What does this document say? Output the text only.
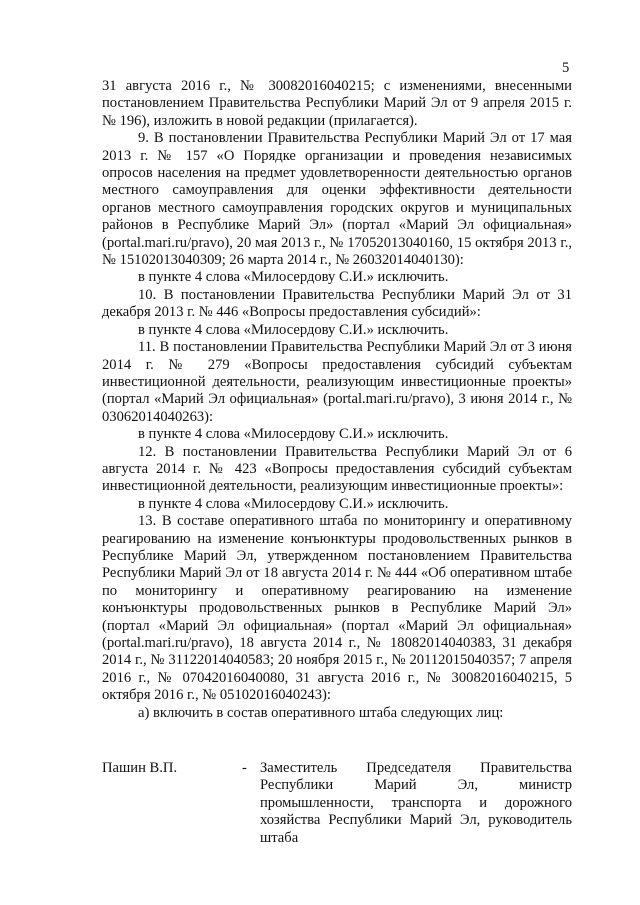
5

31 августа 2016 г., № 30082016040215; с изменениями, внесенными постановлением Правительства Республики Марий Эл от 9 апреля 2015 г. № 196), изложить в новой редакции (прилагается).

9. В постановлении Правительства Республики Марий Эл от 17 мая 2013 г. № 157 «О Порядке организации и проведения независимых опросов населения на предмет удовлетворенности деятельностью органов местного самоуправления для оценки эффективности деятельности органов местного самоуправления городских округов и муниципальных районов в Республике Марий Эл» (портал «Марий Эл официальная» (portal.mari.ru/pravo), 20 мая 2013 г., № 17052013040160, 15 октября 2013 г., № 15102013040309; 26 марта 2014 г., № 26032014040130):

в пункте 4 слова «Милосердову С.И.» исключить.

10. В постановлении Правительства Республики Марий Эл от 31 декабря 2013 г. № 446 «Вопросы предоставления субсидий»:

в пункте 4 слова «Милосердову С.И.» исключить.

11. В постановлении Правительства Республики Марий Эл от 3 июня 2014 г. № 279 «Вопросы предоставления субсидий субъектам инвестиционной деятельности, реализующим инвестиционные проекты» (портал «Марий Эл официальная» (portal.mari.ru/pravo), 3 июня 2014 г., № 03062014040263):

в пункте 4 слова «Милосердову С.И.» исключить.

12. В постановлении Правительства Республики Марий Эл от 6 августа 2014 г. № 423 «Вопросы предоставления субсидий субъектам инвестиционной деятельности, реализующим инвестиционные проекты»:

в пункте 4 слова «Милосердову С.И.» исключить.

13. В составе оперативного штаба по мониторингу и оперативному реагированию на изменение конъюнктуры продовольственных рынков в Республике Марий Эл, утвержденном постановлением Правительства Республики Марий Эл от 18 августа 2014 г. № 444 «Об оперативном штабе по мониторингу и оперативному реагированию на изменение конъюнктуры продовольственных рынков в Республике Марий Эл» (портал «Марий Эл официальная» (портал «Марий Эл официальная» (portal.mari.ru/pravo), 18 августа 2014 г., № 18082014040383, 31 декабря 2014 г., № 31122014040583; 20 ноября 2015 г., № 20112015040357; 7 апреля 2016 г., № 07042016040080, 31 августа 2016 г., № 30082016040215, 5 октября 2016 г., № 05102016040243):

а) включить в состав оперативного штаба следующих лиц:

Пашин В.П.	- Заместитель Председателя Правительства Республики Марий Эл, министр промышленности, транспорта и дорожного хозяйства Республики Марий Эл, руководитель штаба
